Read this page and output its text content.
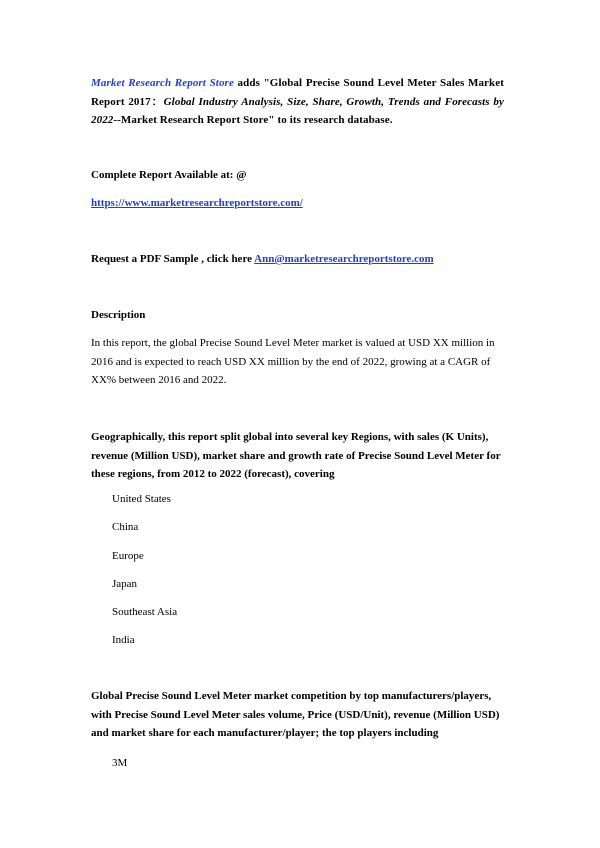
Market Research Report Store adds "Global Precise Sound Level Meter Sales Market Report 2017：Global Industry Analysis, Size, Share, Growth, Trends and Forecasts by 2022--Market Research Report Store" to its research database.

Complete Report Available at: @

https://www.marketresearchreportstore.com/

Request a PDF Sample , click here Ann@marketresearchreportstore.com

Description

In this report, the global Precise Sound Level Meter market is valued at USD XX million in 2016 and is expected to reach USD XX million by the end of 2022, growing at a CAGR of XX% between 2016 and 2022.

Geographically, this report split global into several key Regions, with sales (K Units), revenue (Million USD), market share and growth rate of Precise Sound Level Meter for these regions, from 2012 to 2022 (forecast), covering

United States
China
Europe
Japan
Southeast Asia
India

Global Precise Sound Level Meter market competition by top manufacturers/players, with Precise Sound Level Meter sales volume, Price (USD/Unit), revenue (Million USD) and market share for each manufacturer/player; the top players including

3M
